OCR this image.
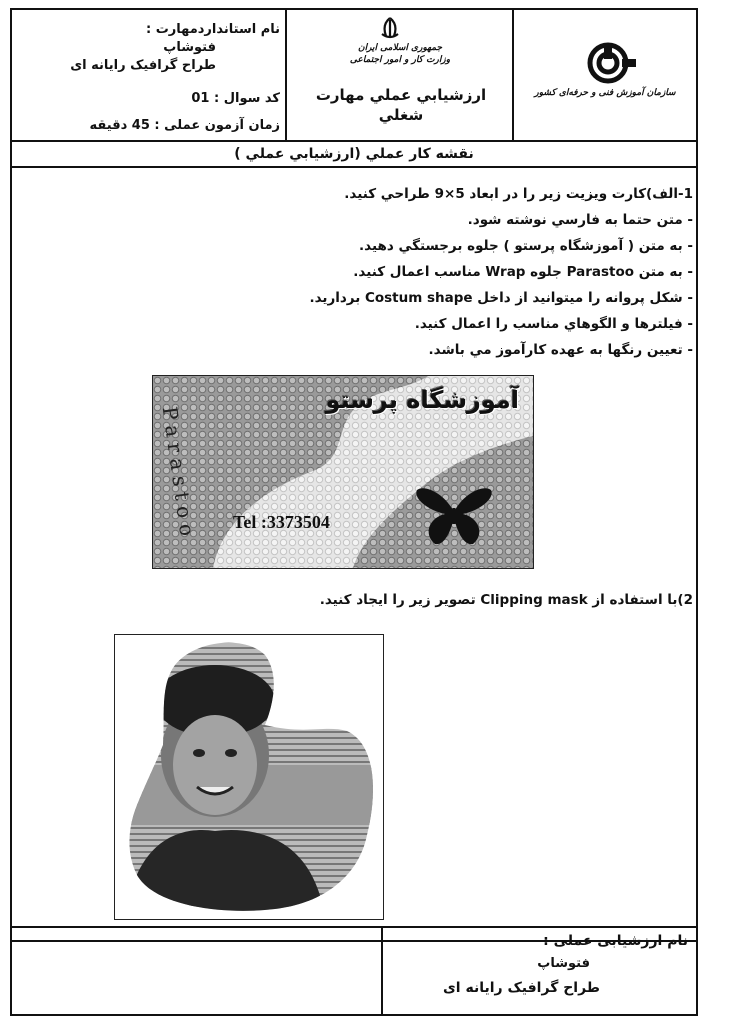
نام استانداردمهارت :
فتوشاپ
طراح گرافیک رایانه ای
کد سوال : 01
زمان آزمون عملی : 45 دقیقه
جمهوری اسلامی ایران
وزارت کار و امور اجتماعی
ارزشيابي عملي مهارت
شغلي
سازمان آموزش فنی و حرفه‌ای کشور
نقشه كار عملي (ارزشيابي عملي )
1-الف)كارت ويزيت زير را در ابعاد 5×9 طراحي كنيد.
- متن حتما به فارسي نوشته شود.
- به متن ( آموزشگاه پرستو ) جلوه برجستگي دهيد.
- به متن Parastoo جلوه Wrap مناسب اعمال كنيد.
- شكل پروانه را ميتوانيد از داخل Costum shape بردارید.
- فيلترها و الگوهاي مناسب را اعمال كنيد.
- تعيين رنگها به عهده كارآموز مي باشد.
آموزشگاه پرستو
Parastoo Tel :3373504
2)با استفاده از Clipping mask تصوير زير را ايجاد كنيد.
نام ارزشیابی عملی :
فتوشاپ
طراح گرافیک رایانه ای
